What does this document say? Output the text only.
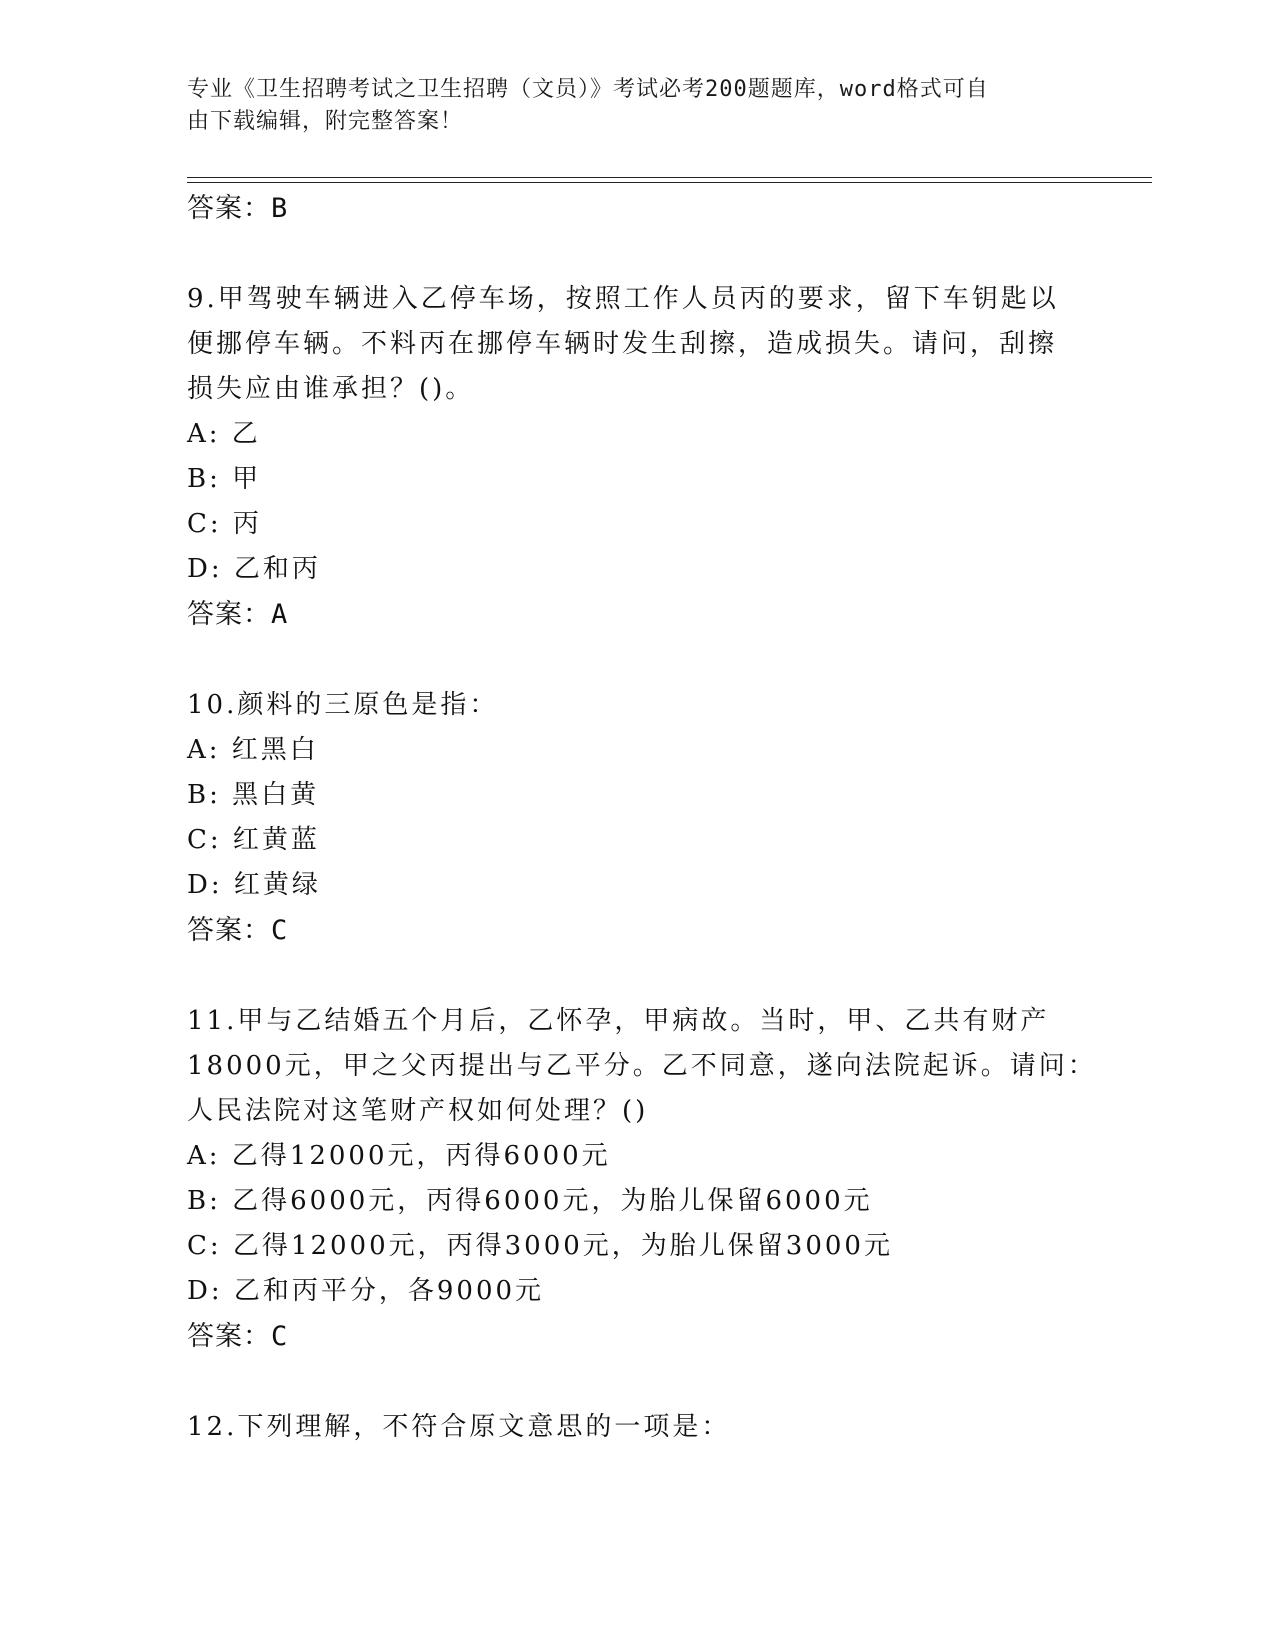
专业《卫生招聘考试之卫生招聘（文员）》考试必考200题题库，word格式可自
由下载编辑，附完整答案！
答案：B
9.甲驾驶车辆进入乙停车场，按照工作人员丙的要求，留下车钥匙以
便挪停车辆。不料丙在挪停车辆时发生刮擦，造成损失。请问，刮擦
损失应由谁承担？()。
A: 乙
B: 甲
C: 丙
D: 乙和丙
答案：A
10.颜料的三原色是指：
A: 红黑白
B: 黑白黄
C: 红黄蓝
D: 红黄绿
答案：C
11.甲与乙结婚五个月后，乙怀孕，甲病故。当时，甲、乙共有财产
18000元，甲之父丙提出与乙平分。乙不同意，遂向法院起诉。请问：
人民法院对这笔财产权如何处理？()
A: 乙得12000元，丙得6000元
B: 乙得6000元，丙得6000元，为胎儿保留6000元
C: 乙得12000元，丙得3000元，为胎儿保留3000元
D: 乙和丙平分，各9000元
答案：C
12.下列理解，不符合原文意思的一项是：
